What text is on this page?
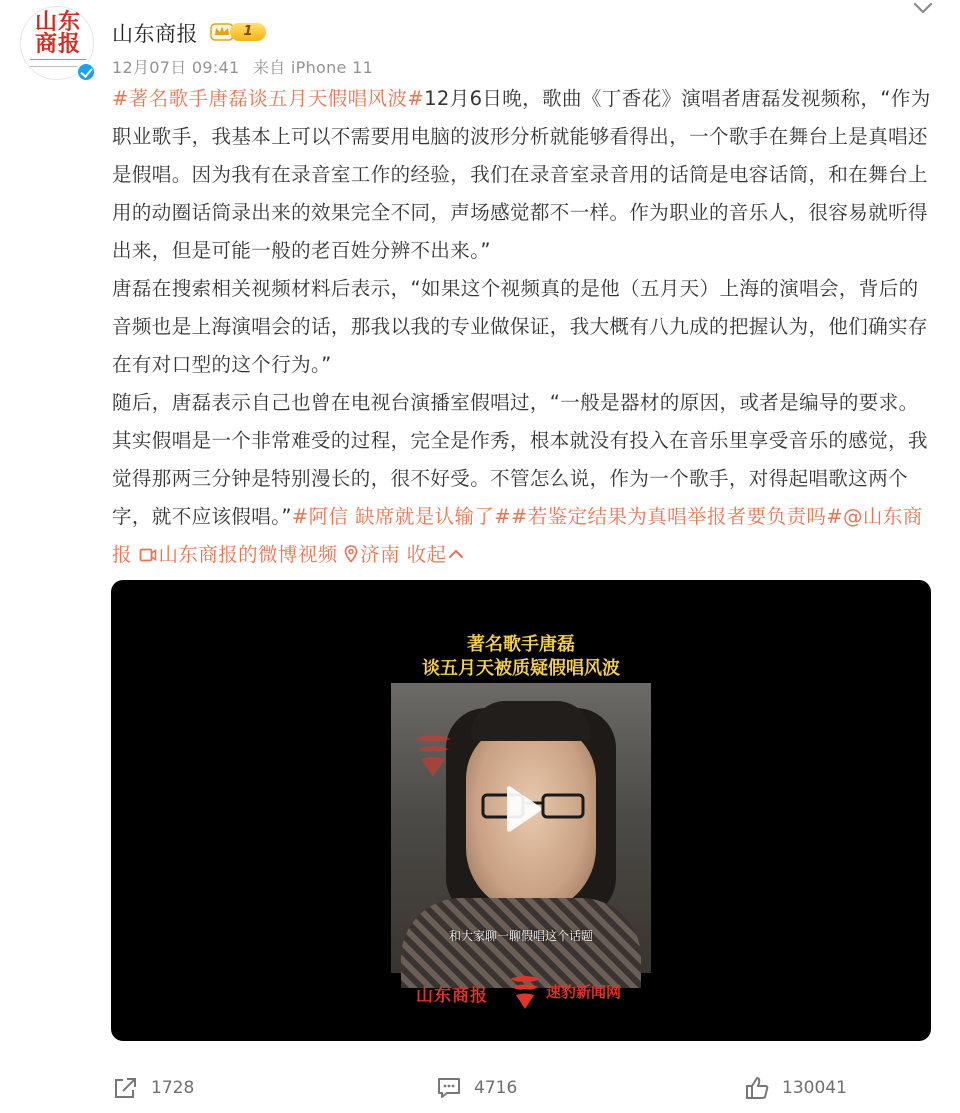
山东
商报 山东商报	1
12月07日 09:41 来自 iPhone 11

#著名歌手唐磊谈五月天假唱风波#12月6日晚，歌曲《丁香花》演唱者唐磊发视频称，“作为职业歌手，我基本上可以不需要用电脑的波形分析就能够看得出，一个歌手在舞台上是真唱还是假唱。因为我有在录音室工作的经验，我们在录音室录音用的话筒是电容话筒，和在舞台上用的动圈话筒录出来的效果完全不同，声场感觉都不一样。作为职业的音乐人，很容易就听得出来，但是可能一般的老百姓分辨不出来。”

唐磊在搜索相关视频材料后表示，“如果这个视频真的是他（五月天）上海的演唱会，背后的音频也是上海演唱会的话，那我以我的专业做保证，我大概有八九成的把握认为，他们确实存在有对口型的这个行为。”

随后，唐磊表示自己也曾在电视台演播室假唱过，“一般是器材的原因，或者是编导的要求。其实假唱是一个非常难受的过程，完全是作秀，根本就没有投入在音乐里享受音乐的感觉，我觉得那两三分钟是特别漫长的，很不好受。不管怎么说，作为一个歌手，对得起唱歌这两个字，就不应该假唱。”#阿信 缺席就是认输了##若鉴定结果为真唱举报者要负责吗#@山东商报 山东商报的微博视频 济南 收起

著名歌手唐磊
谈五月天被质疑假唱风波
和大家聊一聊假唱这个话题
山东商报	速豹新闻网
1728	4716	130041
